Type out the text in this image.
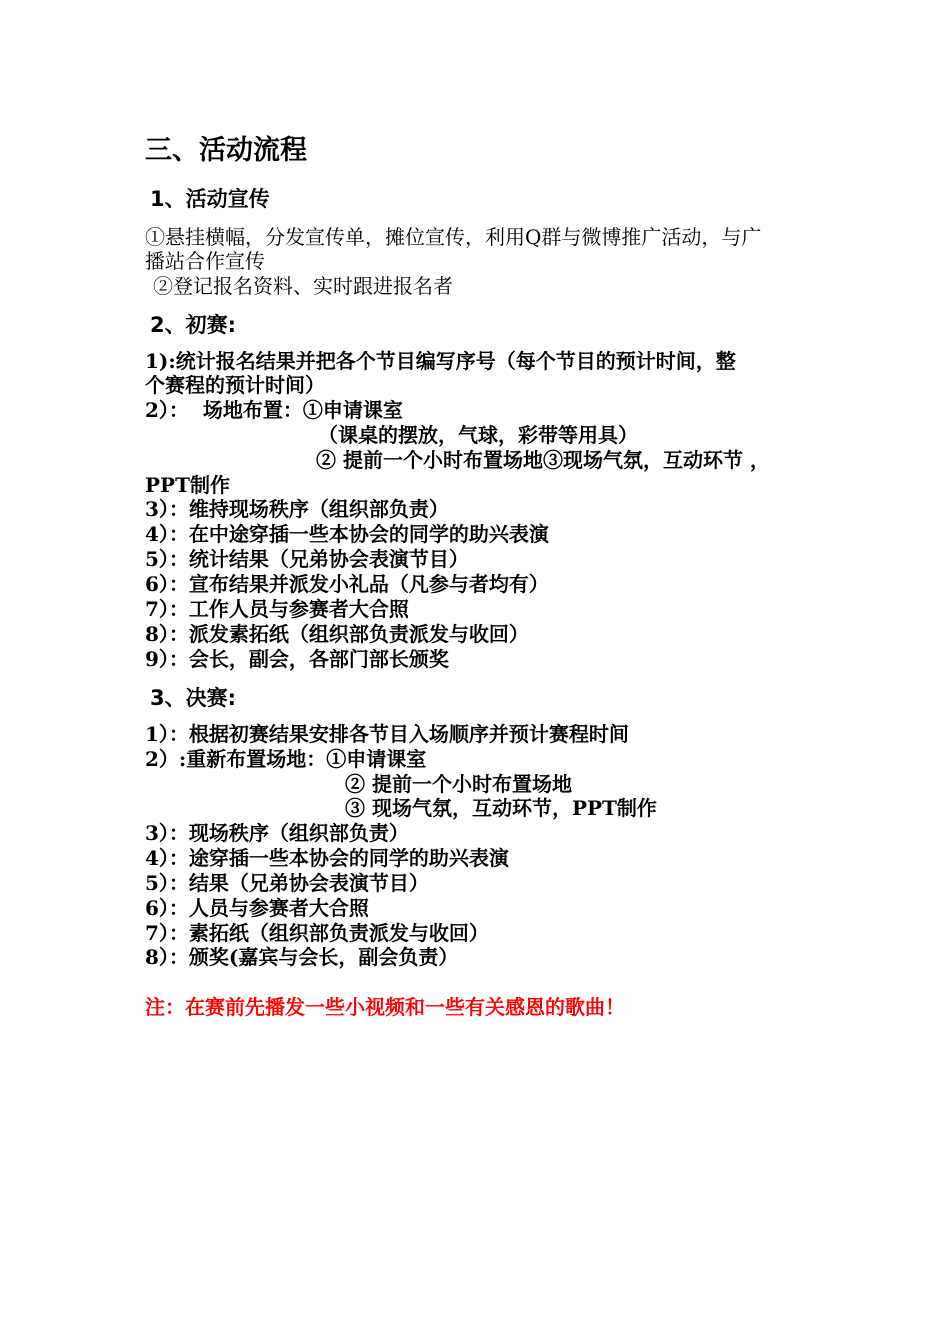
三、活动流程
1、活动宣传
①悬挂横幅，分发宣传单，摊位宣传，利用Q群与微博推广活动，与广
播站合作宣传
②登记报名资料、实时跟进报名者
2、初赛:
1):统计报名结果并把各个节目编写序号（每个节目的预计时间，整
个赛程的预计时间）
2）：  场地布置：①申请课室
（课桌的摆放，气球，彩带等用具）
② 提前一个小时布置场地③现场气氛，互动环节 ，
PPT制作
3）：维持现场秩序（组织部负责）
4）：在中途穿插一些本协会的同学的助兴表演
5）：统计结果（兄弟协会表演节目）
6）：宣布结果并派发小礼品（凡参与者均有）
7）：工作人员与参赛者大合照
8）：派发素拓纸（组织部负责派发与收回）
9）：会长，副会，各部门部长颁奖
3、决赛:
1）：根据初赛结果安排各节目入场顺序并预计赛程时间
2）:重新布置场地：①申请课室
② 提前一个小时布置场地
③ 现场气氛，互动环节，PPT制作
3）：现场秩序（组织部负责）
4）：途穿插一些本协会的同学的助兴表演
5）：结果（兄弟协会表演节目）
6）：人员与参赛者大合照
7）：素拓纸（组织部负责派发与收回）
8）：颁奖(嘉宾与会长，副会负责）
注：在赛前先播发一些小视频和一些有关感恩的歌曲！
